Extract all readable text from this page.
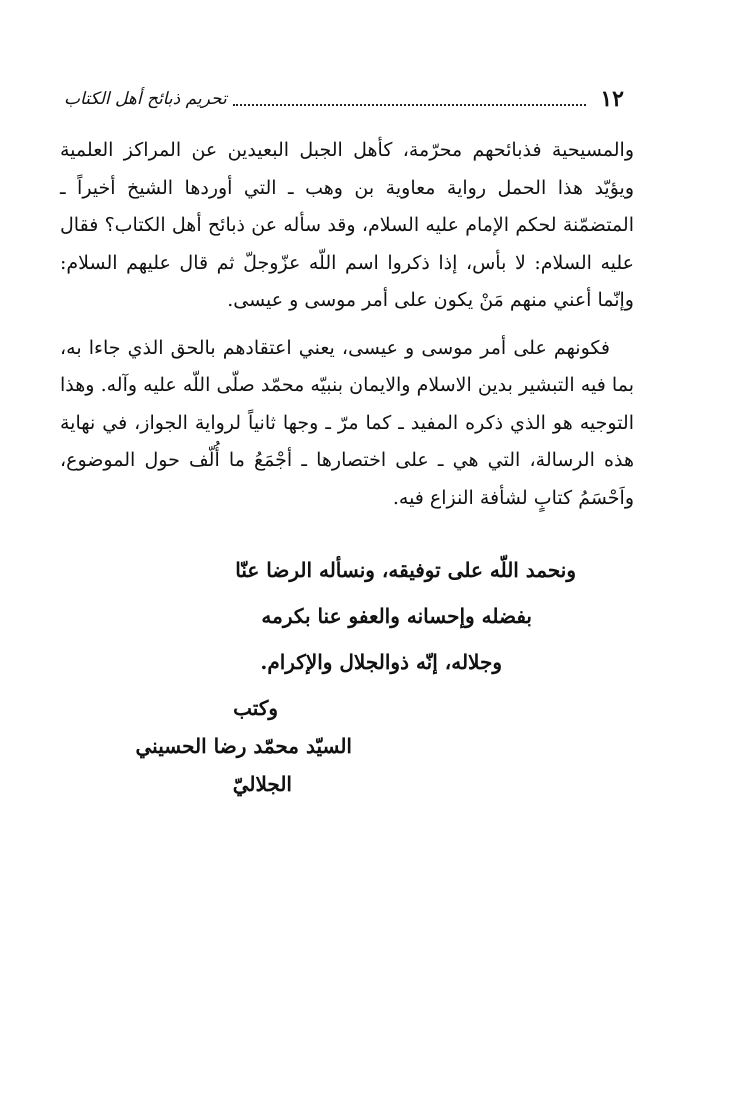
١٢
تحريم ذبائح أهل الكتاب

والمسيحية فذبائحهم محرّمة، كأهل الجبل البعيدين عن المراكز العلمية ويؤيّد هذا الحمل رواية معاوية بن وهب ـ التي أوردها الشيخ أخيراً ـ المتضمّنة لحكم الإمام عليه السلام، وقد سأله عن ذبائح أهل الكتاب؟ فقال عليه السلام: لا بأس، إذا ذكروا اسم اللّه عزّوجلّ ثم قال عليهم السلام: وإنّما أعني منهم مَنْ يكون على أمر موسى و عيسى.

فكونهم على أمر موسى و عيسى، يعني اعتقادهم بالحق الذي جاءا به، بما فيه التبشير بدين الاسلام والايمان بنبيّه محمّد صلّى اللّه عليه وآله. وهذا التوجيه هو الذي ذكره المفيد ـ كما مرّ ـ وجها ثانياً لرواية الجواز، في نهاية هذه الرسالة، التي هي ـ على اختصارها ـ أجْمَعُ ما أُلّف حول الموضوع، واَحْسَمُ كتابٍ لشأفة النزاع فيه.

ونحمد اللّه على توفيقه، ونسأله الرضا عنّا
بفضله وإحسانه والعفو عنا بكرمه
وجلاله، إنّه ذوالجلال والإكرام.
وكتب
السيّد محمّد رضا الحسيني
الجلاليّ
